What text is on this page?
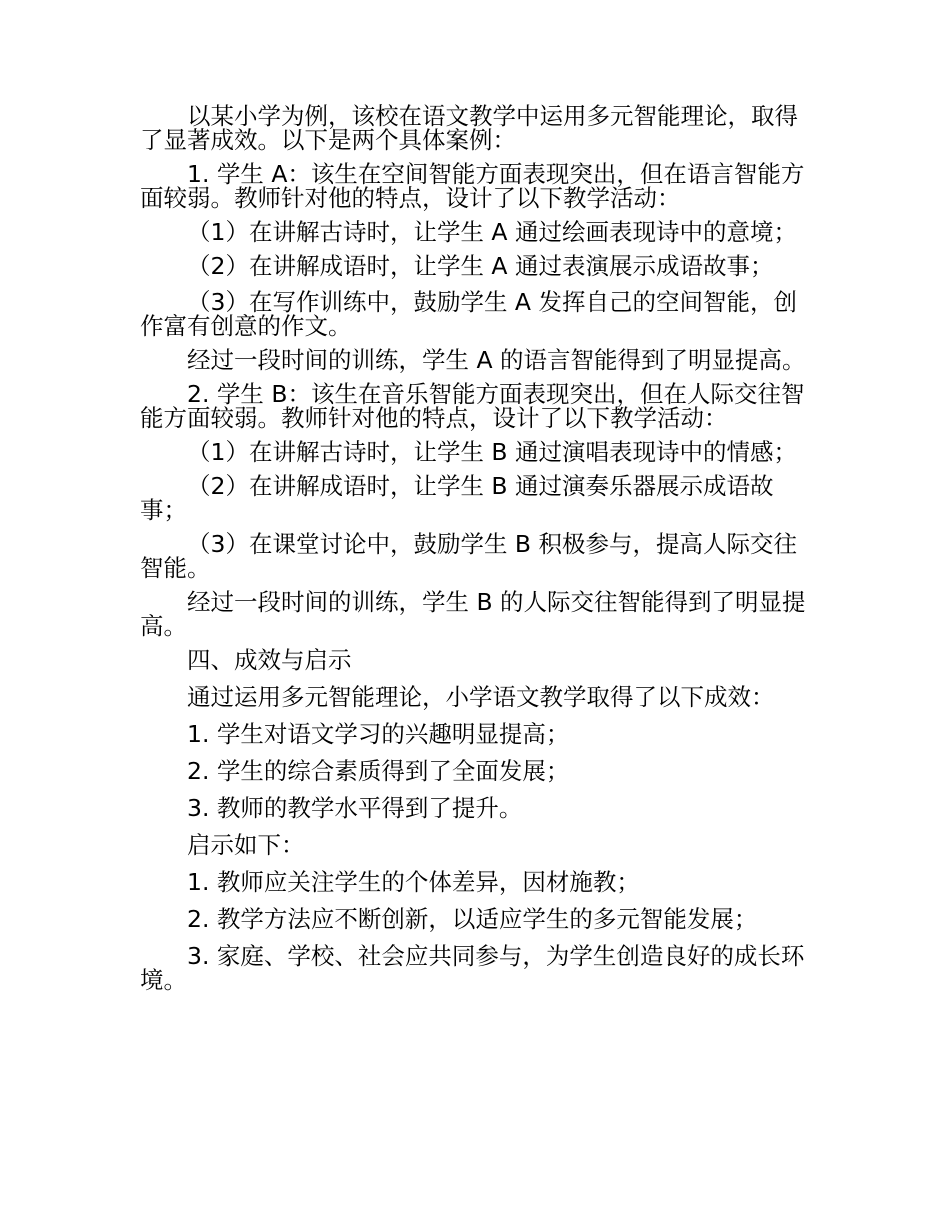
以某小学为例，该校在语文教学中运用多元智能理论，取得了显著成效。以下是两个具体案例：

1. 学生 A：该生在空间智能方面表现突出，但在语言智能方面较弱。教师针对他的特点，设计了以下教学活动：

（1）在讲解古诗时，让学生 A 通过绘画表现诗中的意境；

（2）在讲解成语时，让学生 A 通过表演展示成语故事；

（3）在写作训练中，鼓励学生 A 发挥自己的空间智能，创作富有创意的作文。

经过一段时间的训练，学生 A 的语言智能得到了明显提高。

2. 学生 B：该生在音乐智能方面表现突出，但在人际交往智能方面较弱。教师针对他的特点，设计了以下教学活动：

（1）在讲解古诗时，让学生 B 通过演唱表现诗中的情感；

（2）在讲解成语时，让学生 B 通过演奏乐器展示成语故事；

（3）在课堂讨论中，鼓励学生 B 积极参与，提高人际交往智能。

经过一段时间的训练，学生 B 的人际交往智能得到了明显提高。

四、成效与启示

通过运用多元智能理论，小学语文教学取得了以下成效：

1. 学生对语文学习的兴趣明显提高；

2. 学生的综合素质得到了全面发展；

3. 教师的教学水平得到了提升。

启示如下：

1. 教师应关注学生的个体差异，因材施教；

2. 教学方法应不断创新，以适应学生的多元智能发展；

3. 家庭、学校、社会应共同参与，为学生创造良好的成长环境。
